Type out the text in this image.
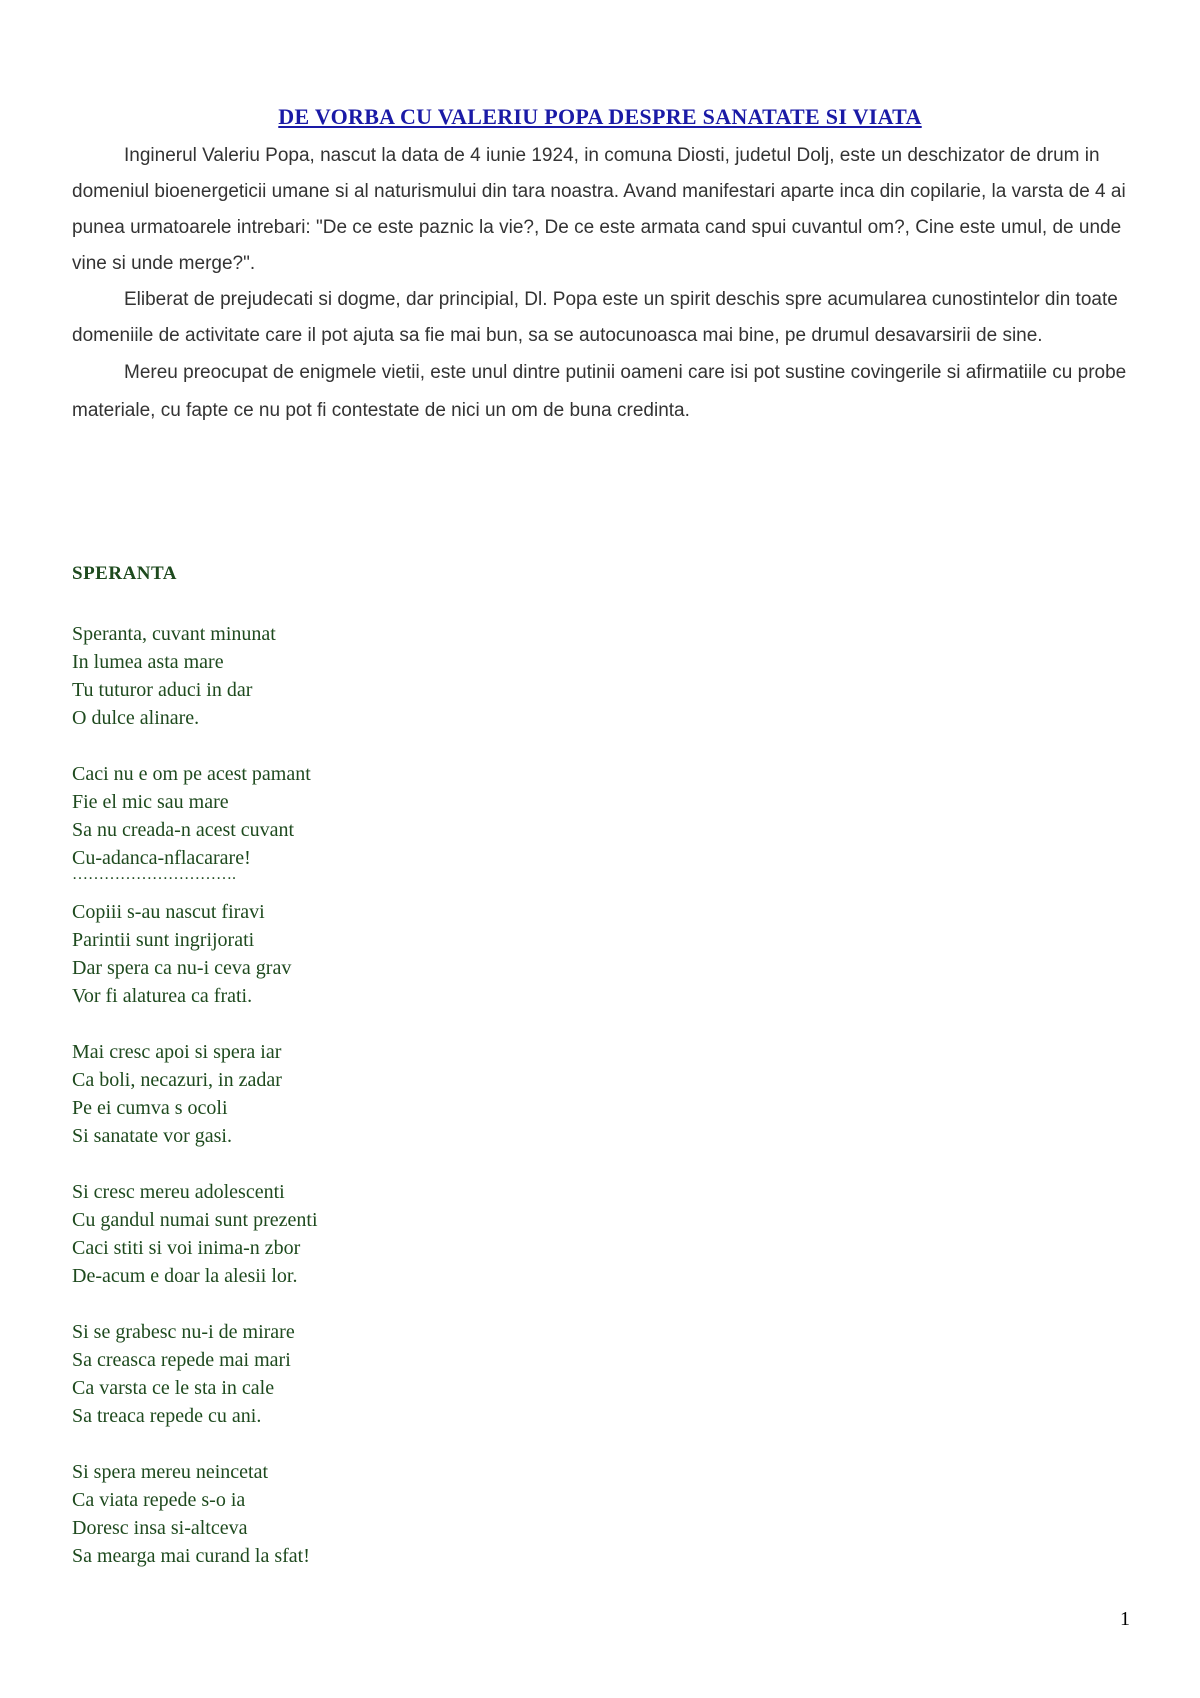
DE VORBA CU VALERIU POPA DESPRE SANATATE SI VIATA

Inginerul Valeriu Popa, nascut la data de 4 iunie 1924, in comuna Diosti, judetul Dolj, este un deschizator de drum in domeniul bioenergeticii umane si al naturismului din tara noastra. Avand manifestari aparte inca din copilarie, la varsta de 4 ai punea urmatoarele intrebari: "De ce este paznic la vie?, De ce este armata cand spui cuvantul om?, Cine este umul, de unde vine si unde merge?".

Eliberat de prejudecati si dogme, dar principial, Dl. Popa este un spirit deschis spre acumularea cunostintelor din toate domeniile de activitate care il pot ajuta sa fie mai bun, sa se autocunoasca mai bine, pe drumul desavarsirii de sine.

Mereu preocupat de enigmele vietii, este unul dintre putinii oameni care isi pot sustine covingerile si afirmatiile cu probe materiale, cu fapte ce nu pot fi contestate de nici un om de buna credinta.

SPERANTA
Speranta, cuvant minunat
In lumea asta mare
Tu tuturor aduci in dar
O dulce alinare.
Caci nu e om pe acest pamant
Fie el mic sau mare
Sa nu creada-n acest cuvant
Cu-adanca-nflacarare!
………………………….
Copiii s-au nascut firavi
Parintii sunt ingrijorati
Dar spera ca nu-i ceva grav
Vor fi alaturea ca frati.
Mai cresc apoi si spera iar
Ca boli, necazuri, in zadar
Pe ei cumva s ocoli
Si sanatate vor gasi.
Si cresc mereu adolescenti
Cu gandul numai sunt prezenti
Caci stiti si voi inima-n zbor
De-acum e doar la alesii lor.
Si se grabesc nu-i de mirare
Sa creasca repede mai mari
Ca varsta ce le sta in cale
Sa treaca repede cu ani.
Si spera mereu neincetat
Ca viata repede s-o ia
Doresc insa si-altceva
Sa mearga mai curand la sfat!
1
